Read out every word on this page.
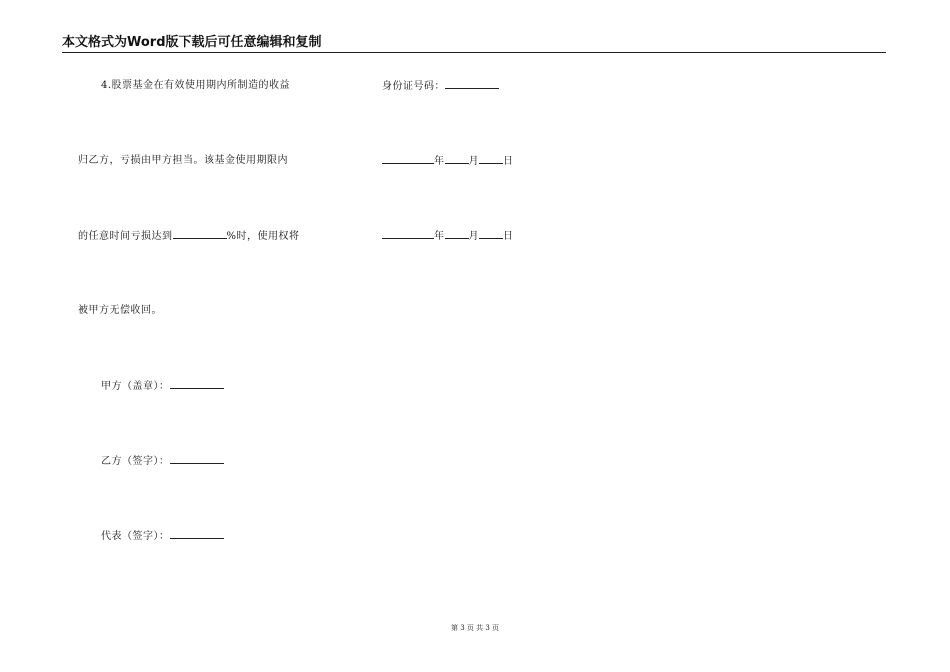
本文格式为Word版下载后可任意编辑和复制
4.股票基金在有效使用期内所制造的收益
归乙方，亏损由甲方担当。该基金使用期限内
的任意时间亏损达到	%时，使用权将
被甲方无偿收回。
甲方（盖章）：
乙方（签字）：
代表（签字）：
身份证号码：
年 月 日
年 月 日
第 3 页 共 3 页
